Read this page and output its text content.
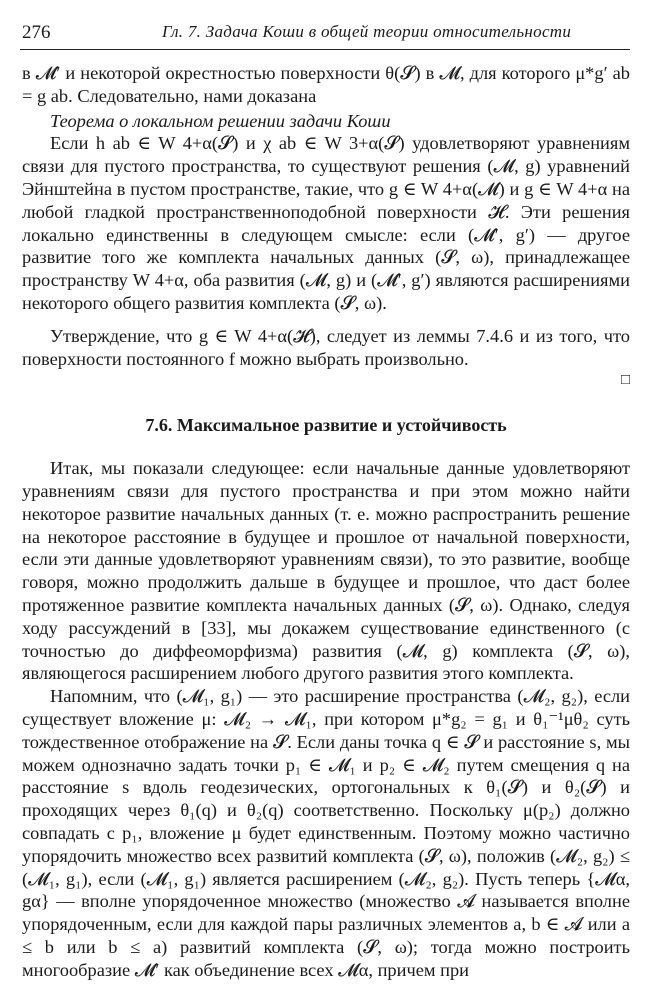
276	Гл. 7. Задача Коши в общей теории относительности

в 𝓜′ и некоторой окрестностью поверхности θ(𝓢) в 𝓜, для которого μ*g′ ab = g ab. Следовательно, нами доказана

Теорема о локальном решении задачи Коши

Если h ab ∈ W 4+α(𝓢) и χ ab ∈ W 3+α(𝓢) удовлетворяют уравнениям связи для пустого пространства, то существуют решения (𝓜, g) уравнений Эйнштейна в пустом пространстве, такие, что g ∈ W 4+α(𝓜) и g ∈ W 4+α на любой гладкой пространственноподобной поверхности 𝓗. Эти решения локально единственны в следующем смысле: если (𝓜′, g′) — другое развитие того же комплекта начальных данных (𝓢, ω), принадлежащее пространству W 4+α, оба развития (𝓜, g) и (𝓜′, g′) являются расширениями некоторого общего развития комплекта (𝓢, ω).

Утверждение, что g ∈ W 4+α(𝓗), следует из леммы 7.4.6 и из того, что поверхности постоянного f можно выбрать произвольно.

□

7.6. Максимальное развитие и устойчивость

Итак, мы показали следующее: если начальные данные удовлетворяют уравнениям связи для пустого пространства и при этом можно найти некоторое развитие начальных данных (т. е. можно распространить решение на некоторое расстояние в будущее и прошлое от начальной поверхности, если эти данные удовлетворяют уравнениям связи), то это развитие, вообще говоря, можно продолжить дальше в будущее и прошлое, что даст более протяженное развитие комплекта начальных данных (𝓢, ω). Однако, следуя ходу рассуждений в [33], мы докажем существование единственного (с точностью до диффеоморфизма) развития (𝓜, g) комплекта (𝓢, ω), являющегося расширением любого другого развития этого комплекта.

Напомним, что (𝓜₁, g₁) — это расширение пространства (𝓜₂, g₂), если существует вложение μ: 𝓜₂ → 𝓜₁, при котором μ*g₂ = g₁ и θ₁⁻¹μθ₂ суть тождественное отображение на 𝓢. Если даны точка q ∈ 𝓢 и расстояние s, мы можем однозначно задать точки p₁ ∈ 𝓜₁ и p₂ ∈ 𝓜₂ путем смещения q на расстояние s вдоль геодезических, ортогональных к θ₁(𝓢) и θ₂(𝓢) и проходящих через θ₁(q) и θ₂(q) соответственно. Поскольку μ(p₂) должно совпадать с p₁, вложение μ будет единственным. Поэтому можно частично упорядочить множество всех развитий комплекта (𝓢, ω), положив (𝓜₂, g₂) ≤ (𝓜₁, g₁), если (𝓜₁, g₁) является расширением (𝓜₂, g₂). Пусть теперь {𝓜α, gα} — вполне упорядоченное множество (множество 𝓐 называется вполне упорядоченным, если для каждой пары различных элементов a, b ∈ 𝓐 или a ≤ b или b ≤ a) развитий комплекта (𝓢, ω); тогда можно построить многообразие 𝓜′ как объединение всех 𝓜α, причем при
